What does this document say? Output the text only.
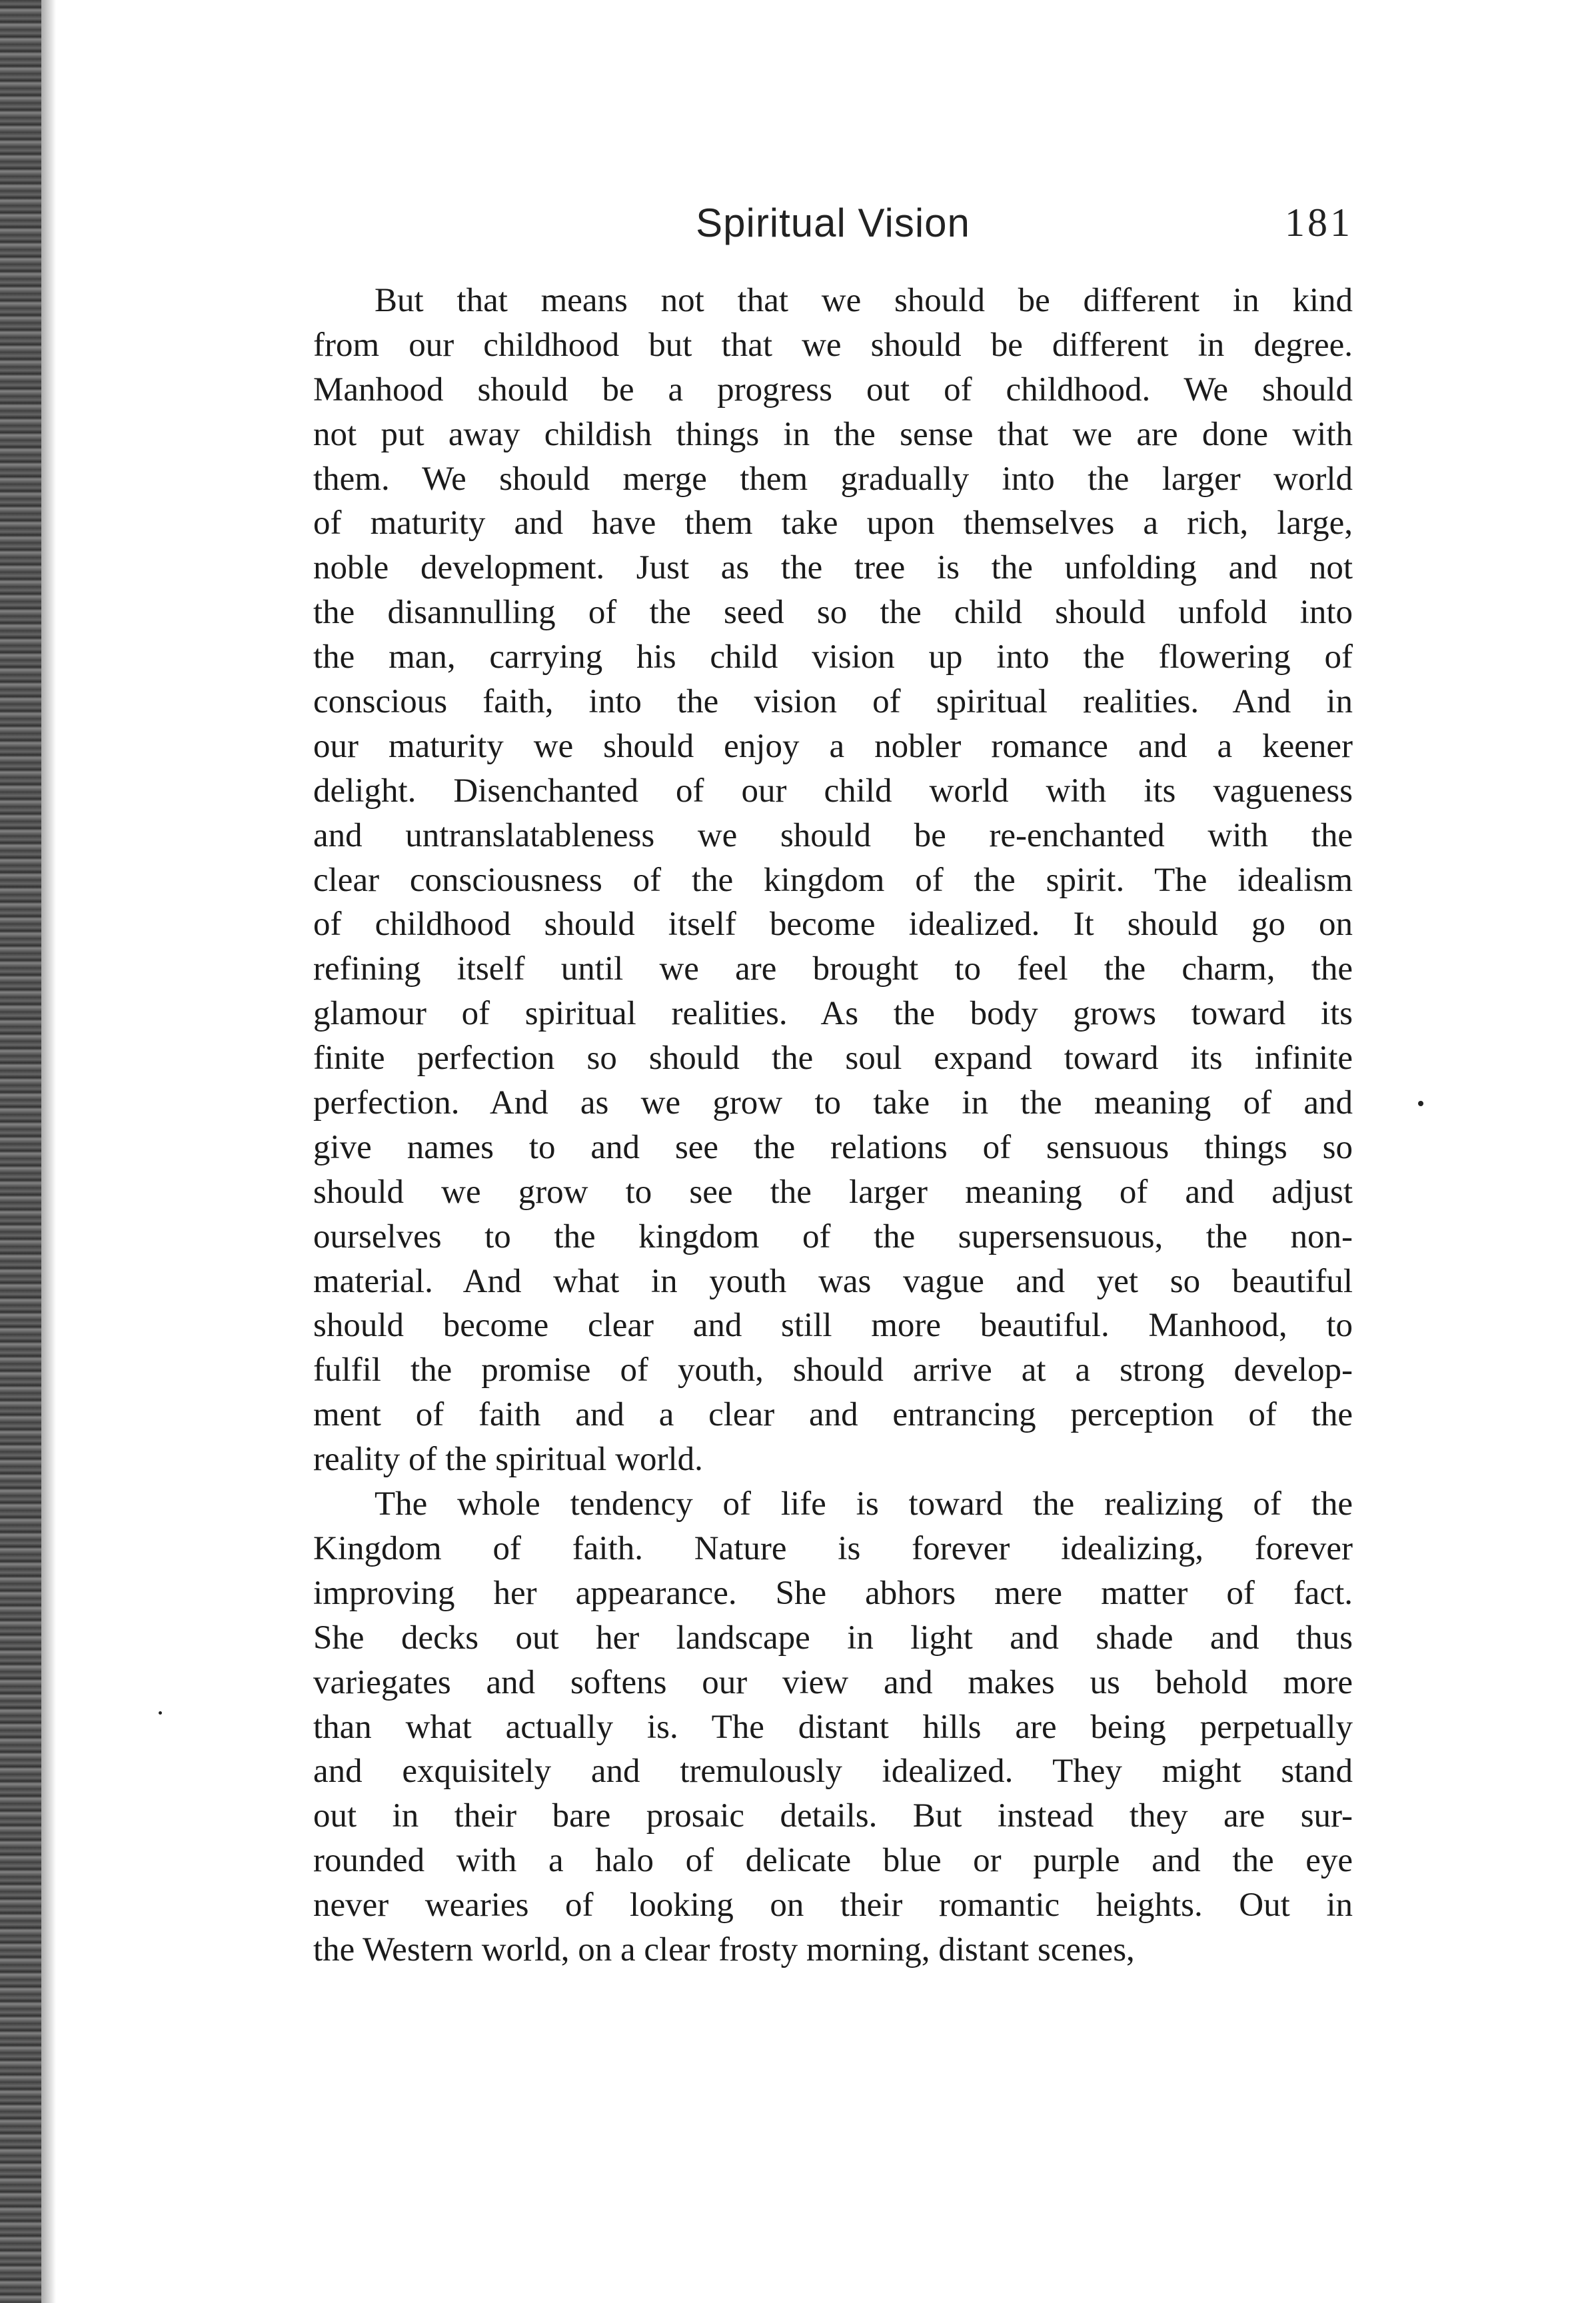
Spiritual Vision	181
But that means not that we should be different in kind
from our childhood but that we should be different in degree.
Manhood should be a progress out of childhood. We should
not put away childish things in the sense that we are done with
them. We should merge them gradually into the larger world
of maturity and have them take upon themselves a rich, large,
noble development. Just as the tree is the unfolding and not
the disannulling of the seed so the child should unfold into
the man, carrying his child vision up into the flowering of
conscious faith, into the vision of spiritual realities. And in
our maturity we should enjoy a nobler romance and a keener
delight. Disenchanted of our child world with its vagueness
and untranslatableness we should be re-enchanted with the
clear consciousness of the kingdom of the spirit. The idealism
of childhood should itself become idealized. It should go on
refining itself until we are brought to feel the charm, the
glamour of spiritual realities. As the body grows toward its
finite perfection so should the soul expand toward its infinite
perfection. And as we grow to take in the meaning of and
give names to and see the relations of sensuous things so
should we grow to see the larger meaning of and adjust
ourselves to the kingdom of the supersensuous, the non-
material. And what in youth was vague and yet so beautiful
should become clear and still more beautiful. Manhood, to
fulfil the promise of youth, should arrive at a strong develop-
ment of faith and a clear and entrancing perception of the
reality of the spiritual world.
The whole tendency of life is toward the realizing of the
Kingdom of faith. Nature is forever idealizing, forever
improving her appearance. She abhors mere matter of fact.
She decks out her landscape in light and shade and thus
variegates and softens our view and makes us behold more
than what actually is. The distant hills are being perpetually
and exquisitely and tremulously idealized. They might stand
out in their bare prosaic details. But instead they are sur-
rounded with a halo of delicate blue or purple and the eye
never wearies of looking on their romantic heights. Out in
the Western world, on a clear frosty morning, distant scenes,
